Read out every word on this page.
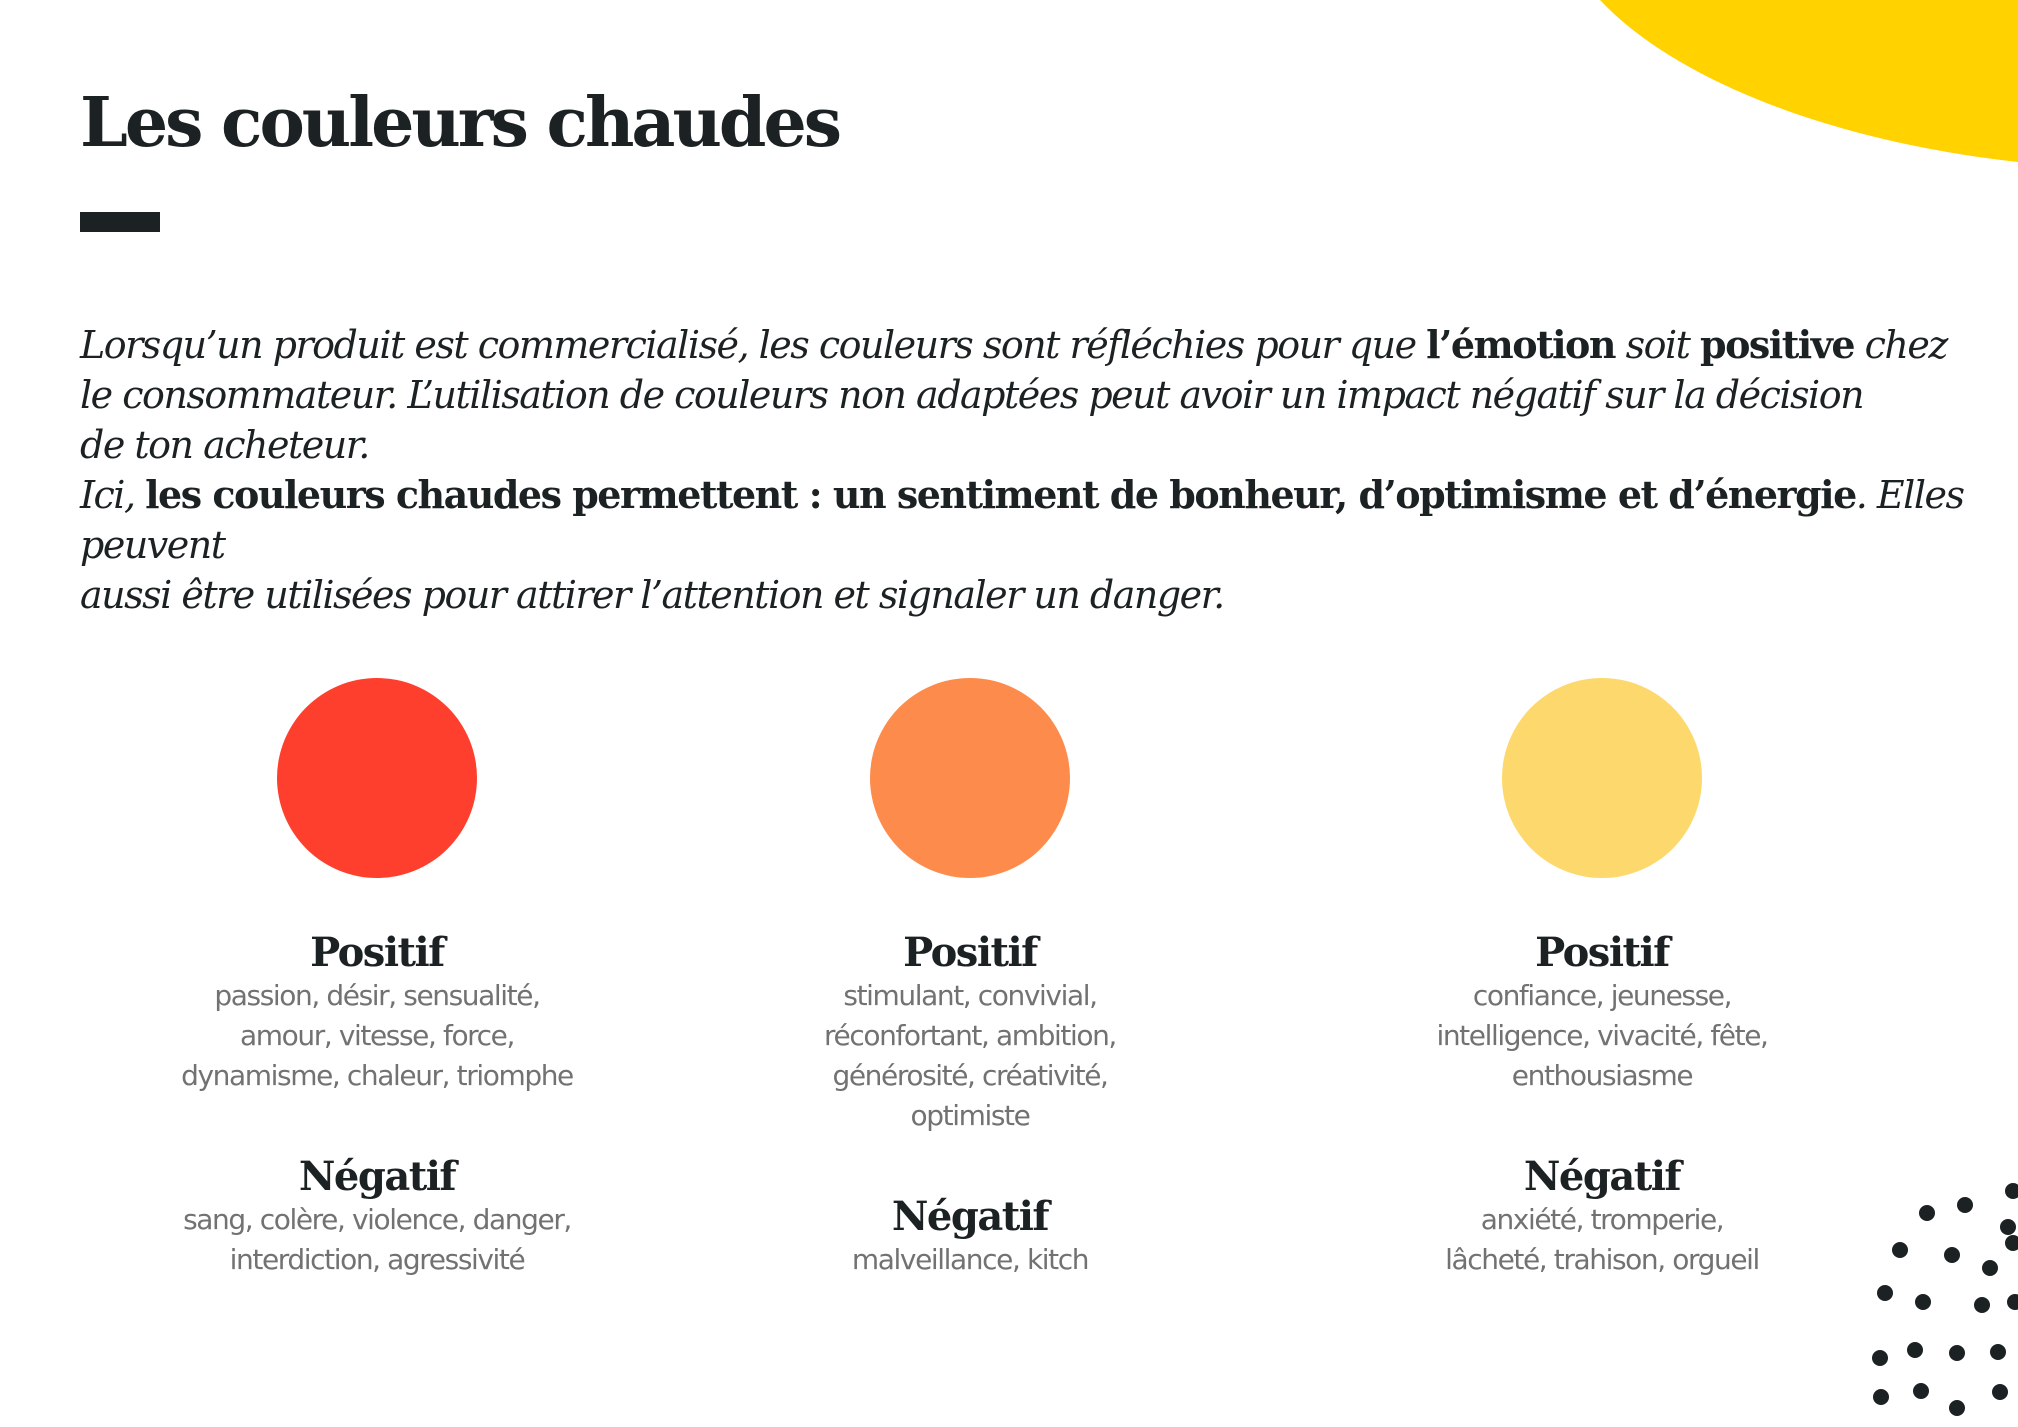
Les couleurs chaudes

Lorsqu’un produit est commercialisé, les couleurs sont réfléchies pour que l’émotion soit positive chez

le consommateur. L’utilisation de couleurs non adaptées peut avoir un impact négatif sur la décision

de ton acheteur.

Ici, les couleurs chaudes permettent : un sentiment de bonheur, d’optimisme et d’énergie. Elles peuvent

aussi être utilisées pour attirer l’attention et signaler un danger.

Positif
passion, désir, sensualité,
amour, vitesse, force,
dynamisme, chaleur, triomphe
Négatif
sang, colère, violence, danger,
interdiction, agressivité
Positif
stimulant, convivial,
réconfortant, ambition,
générosité, créativité,
optimiste
Négatif
malveillance, kitch
Positif
confiance, jeunesse,
intelligence, vivacité, fête,
enthousiasme
Négatif
anxiété, tromperie,
lâcheté, trahison, orgueil
